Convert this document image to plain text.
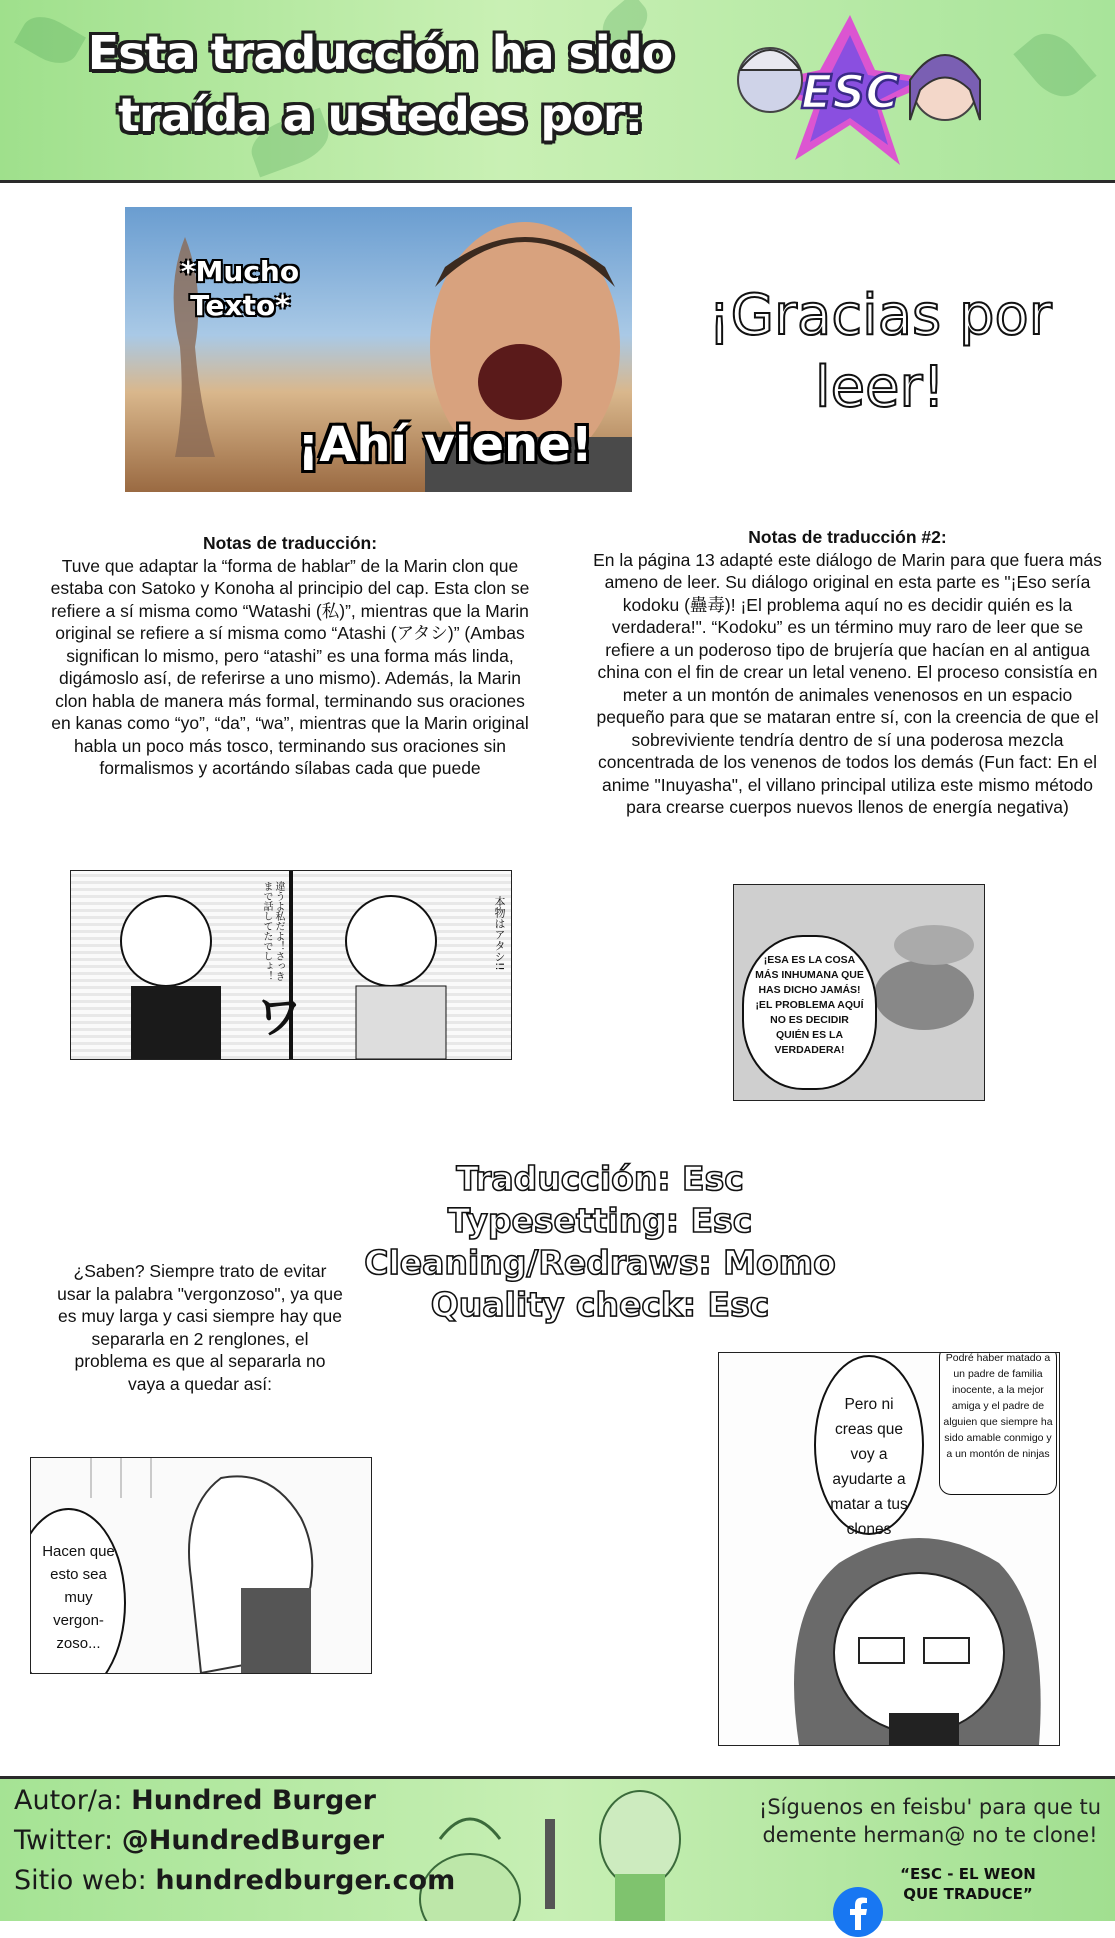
Esta traducción ha sido
traída a ustedes por:	ESC
*Mucho Texto*
¡Ahí viene!
¡Gracias por
leer!
Notas de traducción:
Tuve que adaptar la “forma de hablar” de la Marin clon que estaba con Satoko y Konoha al principio del cap. Esta clon se refiere a sí misma como “Watashi (私)”, mientras que la Marin original se refiere a sí misma como “Atashi (アタシ)” (Ambas significan lo mismo, pero “atashi” es una forma más linda, digámoslo así, de referirse a uno mismo). Además, la Marin clon habla de manera más formal, terminando sus oraciones en kanas como “yo”, “da”, “wa”, mientras que la Marin original habla un poco más tosco, terminando sus oraciones sin formalismos y acortándo sílabas cada que puede
Notas de traducción #2:
En la página 13 adapté este diálogo de Marin para que fuera más ameno de leer. Su diálogo original en esta parte es "¡Eso sería kodoku (蠱毒)! ¡El problema aquí no es decidir quién es la verdadera!". “Kodoku” es un término muy raro de leer que se refiere a un poderoso tipo de brujería que hacían en al antigua china con el fin de crear un letal veneno. El proceso consistía en meter a un montón de animales venenosos en un espacio pequeño para que se mataran entre sí, con la creencia de que el sobreviviente tendría dentro de sí una poderosa mezcla concentrada de los venenos de todos los demás (Fun fact: En el anime "Inuyasha", el villano principal utiliza este mismo método para crearse cuerpos nuevos llenos de energía negativa)
違うよ私だよ！さっきまで話してたでしょ！	本物はアタシ!!
ワ
¡ESA ES LA COSA MÁS INHUMANA QUE HAS DICHO JAMÁS! ¡EL PROBLEMA AQUÍ NO ES DECIDIR QUIÉN ES LA VERDADERA!
Traducción: Esc
Typesetting: Esc
Cleaning/Redraws: Momo
Quality check: Esc
¿Saben? Siempre trato de evitar usar la palabra "vergonzoso", ya que es muy larga y casi siempre hay que separarla en 2 renglones, el problema es que al separarla no vaya a quedar así:
Hacen que esto sea muy vergon- zoso...
Pero ni creas que voy a ayudarte a matar a tus clones
Podré haber matado a un padre de familia inocente, a la mejor amiga y el padre de alguien que siempre ha sido amable conmigo y a un montón de ninjas
Autor/a: Hundred Burger
Twitter: @HundredBurger
Sitio web: hundredburger.com
¡Síguenos en feisbu' para que tu demente herman@ no te clone!
“ESC - EL WEON QUE TRADUCE”
